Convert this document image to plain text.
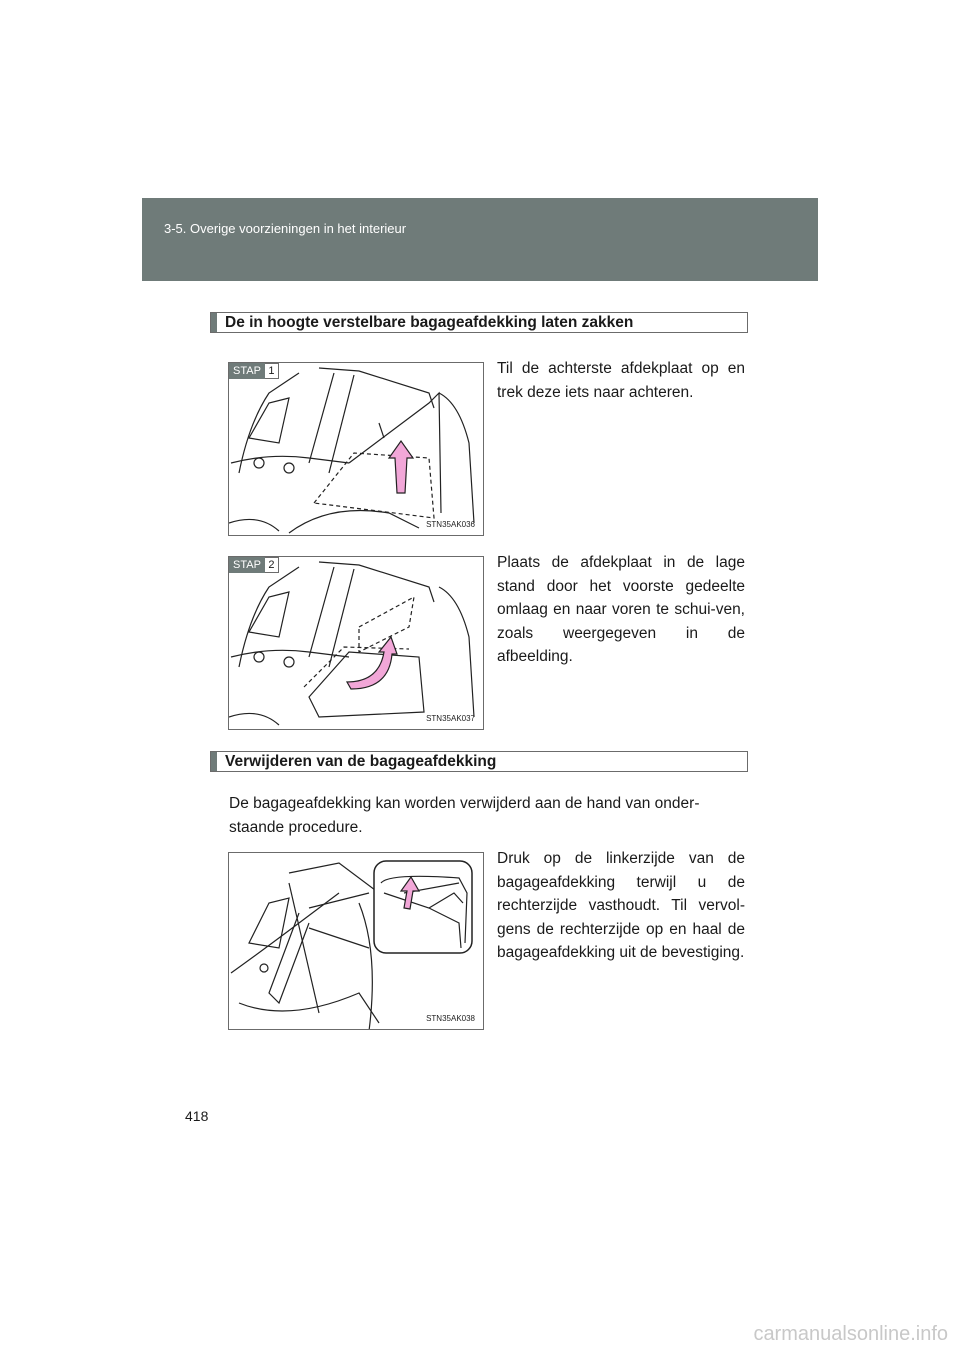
3-5. Overige voorzieningen in het interieur
De in hoogte verstelbare bagageafdekking laten zakken
STAP 1
STN35AK036

Til de achterste afdekplaat op en trek deze iets naar achteren.

STAP 2
STN35AK037

Plaats de afdekplaat in de lage stand door het voorste gedeelte omlaag en naar voren te schui-ven, zoals weergegeven in de afbeelding.

Verwijderen van de bagageafdekking

De bagageafdekking kan worden verwijderd aan de hand van onder-staande procedure.

STN35AK038

Druk op de linkerzijde van de bagageafdekking terwijl u de rechterzijde vasthoudt. Til vervol-gens de rechterzijde op en haal de bagageafdekking uit de bevestiging.

418
carmanualsonline.info
